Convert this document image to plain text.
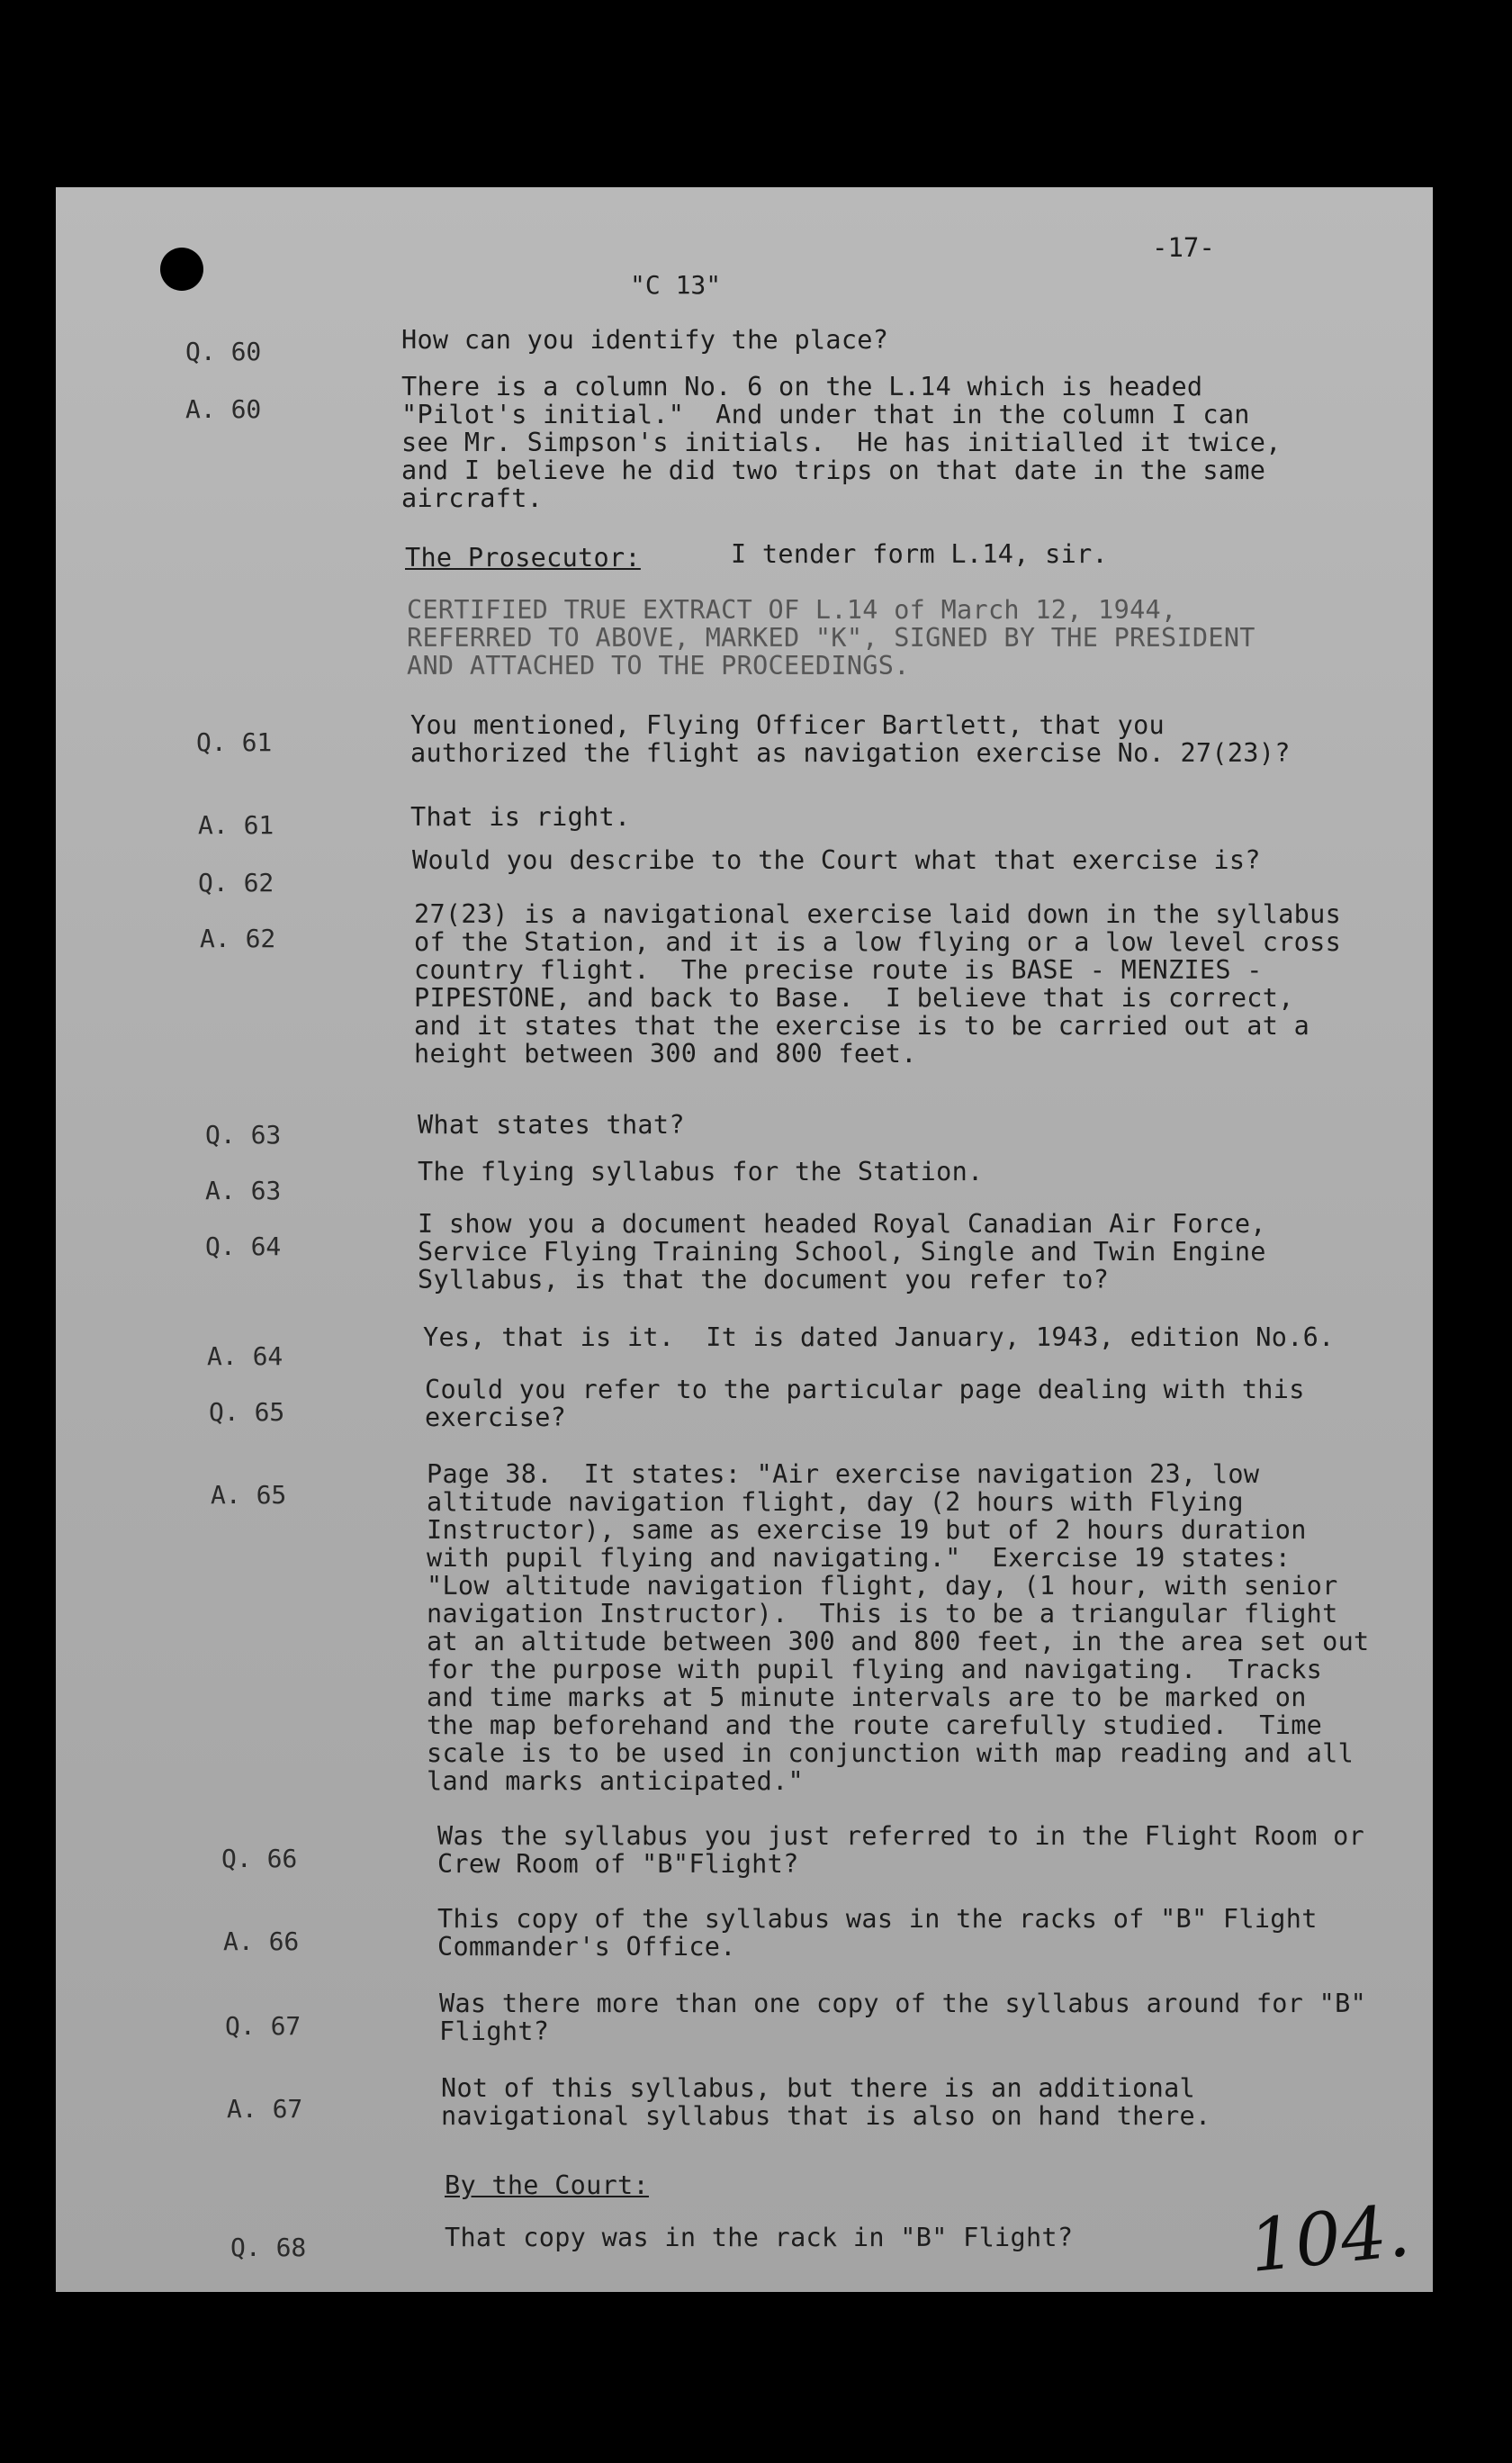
-17-
"C 13"
Q. 60	How can you identify the place?
A. 60
There is a column No. 6 on the L.14 which is headed
"Pilot's initial."  And under that in the column I can
see Mr. Simpson's initials.  He has initialled it twice,
and I believe he did two trips on that date in the same
aircraft.
The Prosecutor:	I tender form L.14, sir.
CERTIFIED TRUE EXTRACT OF L.14 of March 12, 1944,
REFERRED TO ABOVE, MARKED "K", SIGNED BY THE PRESIDENT
AND ATTACHED TO THE PROCEEDINGS.
Q. 61
You mentioned, Flying Officer Bartlett, that you
authorized the flight as navigation exercise No. 27(23)?
A. 61	That is right.
Q. 62
Would you describe to the Court what that exercise is?
A. 62
27(23) is a navigational exercise laid down in the syllabus
of the Station, and it is a low flying or a low level cross
country flight.  The precise route is BASE - MENZIES -
PIPESTONE, and back to Base.  I believe that is correct,
and it states that the exercise is to be carried out at a
height between 300 and 800 feet.
Q. 63	What states that?
A. 63
The flying syllabus for the Station.
Q. 64
I show you a document headed Royal Canadian Air Force,
Service Flying Training School, Single and Twin Engine
Syllabus, is that the document you refer to?
A. 64
Yes, that is it.  It is dated January, 1943, edition No.6.
Q. 65
Could you refer to the particular page dealing with this
exercise?
A. 65
Page 38.  It states: "Air exercise navigation 23, low
altitude navigation flight, day (2 hours with Flying
Instructor), same as exercise 19 but of 2 hours duration
with pupil flying and navigating."  Exercise 19 states:
"Low altitude navigation flight, day, (1 hour, with senior
navigation Instructor).  This is to be a triangular flight
at an altitude between 300 and 800 feet, in the area set out
for the purpose with pupil flying and navigating.  Tracks
and time marks at 5 minute intervals are to be marked on
the map beforehand and the route carefully studied.  Time
scale is to be used in conjunction with map reading and all
land marks anticipated."
Q. 66
Was the syllabus you just referred to in the Flight Room or
Crew Room of "B"Flight?
A. 66
This copy of the syllabus was in the racks of "B" Flight
Commander's Office.
Q. 67
Was there more than one copy of the syllabus around for "B"
Flight?
A. 67
Not of this syllabus, but there is an additional
navigational syllabus that is also on hand there.
By the Court:
Q. 68	That copy was in the rack in "B" Flight? 104.
